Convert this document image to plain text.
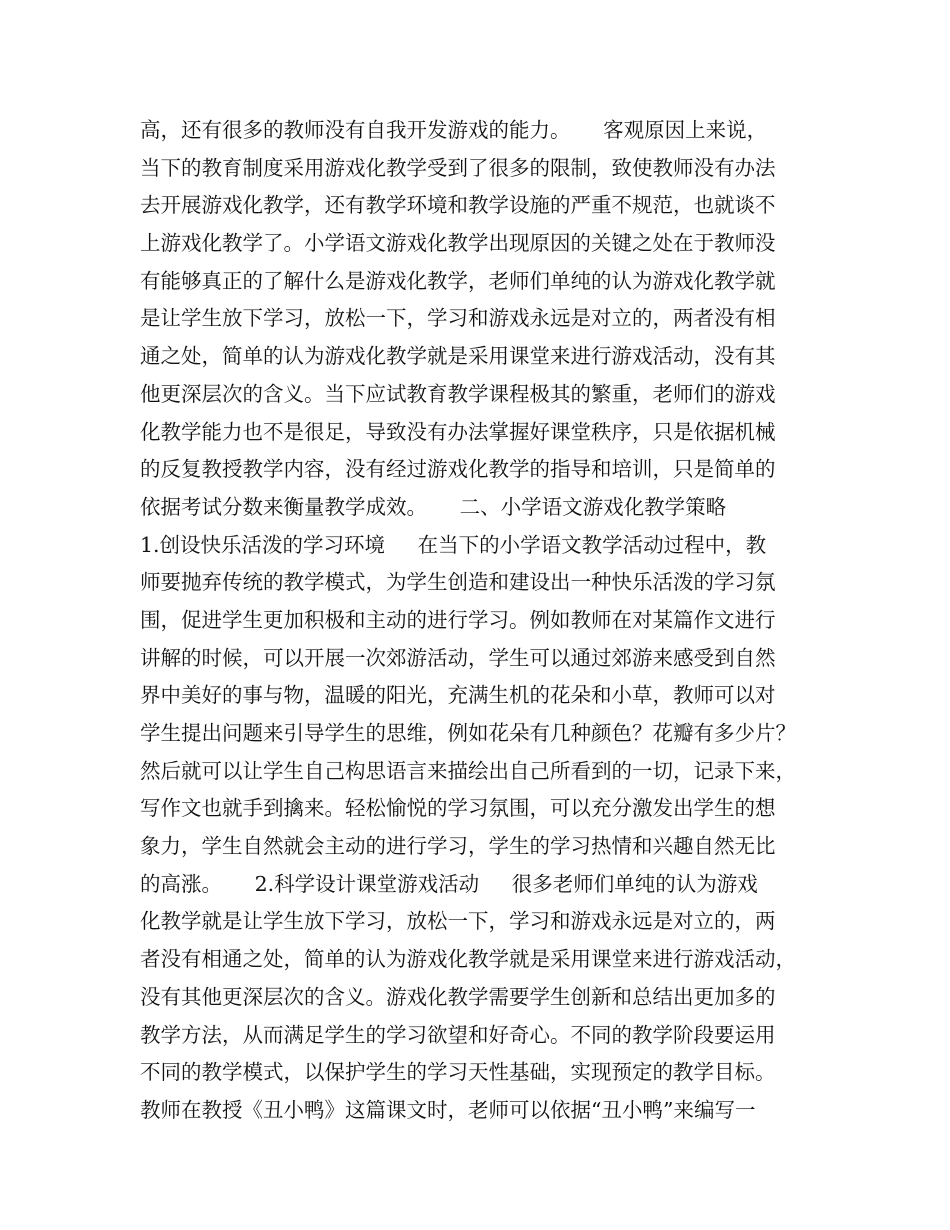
高，还有很多的教师没有自我开发游戏的能力。     客观原因上来说，
当下的教育制度采用游戏化教学受到了很多的限制，致使教师没有办法
去开展游戏化教学，还有教学环境和教学设施的严重不规范，也就谈不
上游戏化教学了。小学语文游戏化教学出现原因的关键之处在于教师没
有能够真正的了解什么是游戏化教学，老师们单纯的认为游戏化教学就
是让学生放下学习，放松一下，学习和游戏永远是对立的，两者没有相
通之处，简单的认为游戏化教学就是采用课堂来进行游戏活动，没有其
他更深层次的含义。当下应试教育教学课程极其的繁重，老师们的游戏
化教学能力也不是很足，导致没有办法掌握好课堂秩序，只是依据机械
的反复教授教学内容，没有经过游戏化教学的指导和培训，只是简单的
依据考试分数来衡量教学成效。     二、小学语文游戏化教学策略
1.创设快乐活泼的学习环境     在当下的小学语文教学活动过程中，教
师要抛弃传统的教学模式，为学生创造和建设出一种快乐活泼的学习氛
围，促进学生更加积极和主动的进行学习。例如教师在对某篇作文进行
讲解的时候，可以开展一次郊游活动，学生可以通过郊游来感受到自然
界中美好的事与物，温暖的阳光，充满生机的花朵和小草，教师可以对
学生提出问题来引导学生的思维，例如花朵有几种颜色？花瓣有多少片？
然后就可以让学生自己构思语言来描绘出自己所看到的一切，记录下来，
写作文也就手到擒来。轻松愉悦的学习氛围，可以充分激发出学生的想
象力，学生自然就会主动的进行学习，学生的学习热情和兴趣自然无比
的高涨。     2.科学设计课堂游戏活动     很多老师们单纯的认为游戏
化教学就是让学生放下学习，放松一下，学习和游戏永远是对立的，两
者没有相通之处，简单的认为游戏化教学就是采用课堂来进行游戏活动，
没有其他更深层次的含义。游戏化教学需要学生创新和总结出更加多的
教学方法，从而满足学生的学习欲望和好奇心。不同的教学阶段要运用
不同的教学模式，以保护学生的学习天性基础，实现预定的教学目标。
教师在教授《丑小鸭》这篇课文时，老师可以依据“丑小鸭”来编写一
